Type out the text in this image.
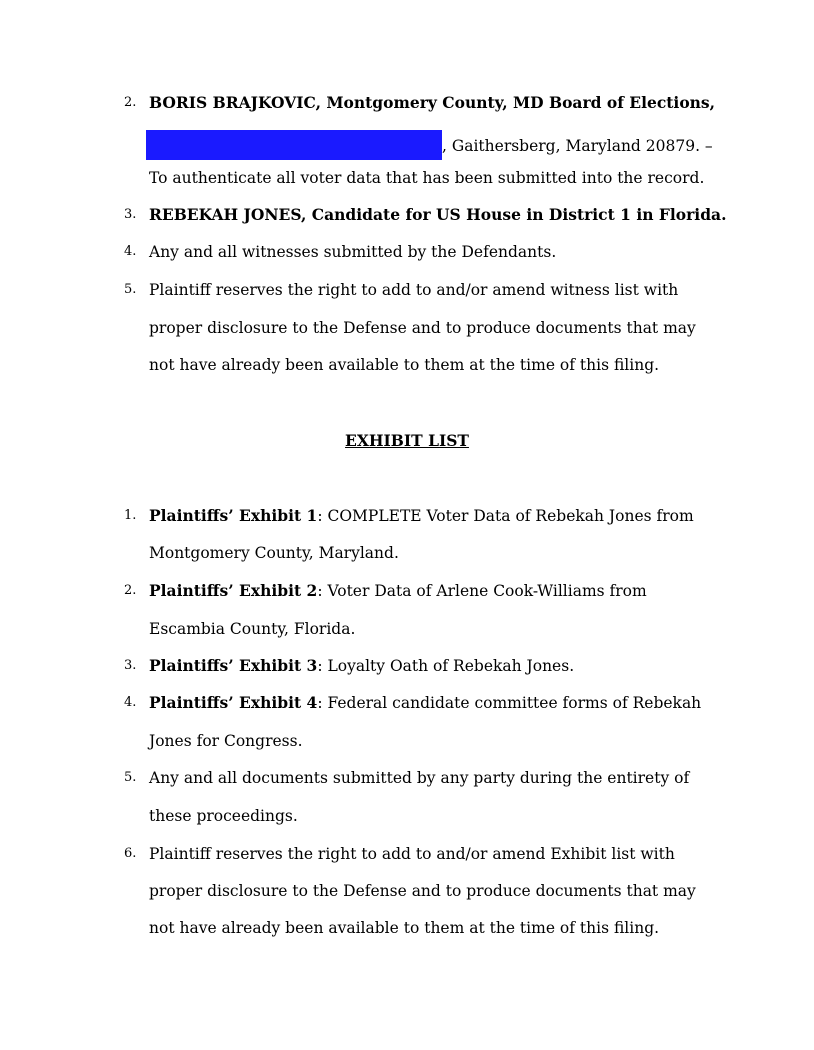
2. BORIS BRAJKOVIC, Montgomery County, MD Board of Elections,
, Gaithersberg, Maryland 20879. –
To authenticate all voter data that has been submitted into the record.
3. REBEKAH JONES, Candidate for US House in District 1 in Florida.
4. Any and all witnesses submitted by the Defendants.
5. Plaintiff reserves the right to add to and/or amend witness list with
proper disclosure to the Defense and to produce documents that may
not have already been available to them at the time of this filing.
EXHIBIT LIST
1. Plaintiffs’ Exhibit 1: COMPLETE Voter Data of Rebekah Jones from
Montgomery County, Maryland.
2. Plaintiffs’ Exhibit 2: Voter Data of Arlene Cook-Williams from
Escambia County, Florida.
3. Plaintiffs’ Exhibit 3: Loyalty Oath of Rebekah Jones.
4. Plaintiffs’ Exhibit 4: Federal candidate committee forms of Rebekah
Jones for Congress.
5. Any and all documents submitted by any party during the entirety of
these proceedings.
6. Plaintiff reserves the right to add to and/or amend Exhibit list with
proper disclosure to the Defense and to produce documents that may
not have already been available to them at the time of this filing.
